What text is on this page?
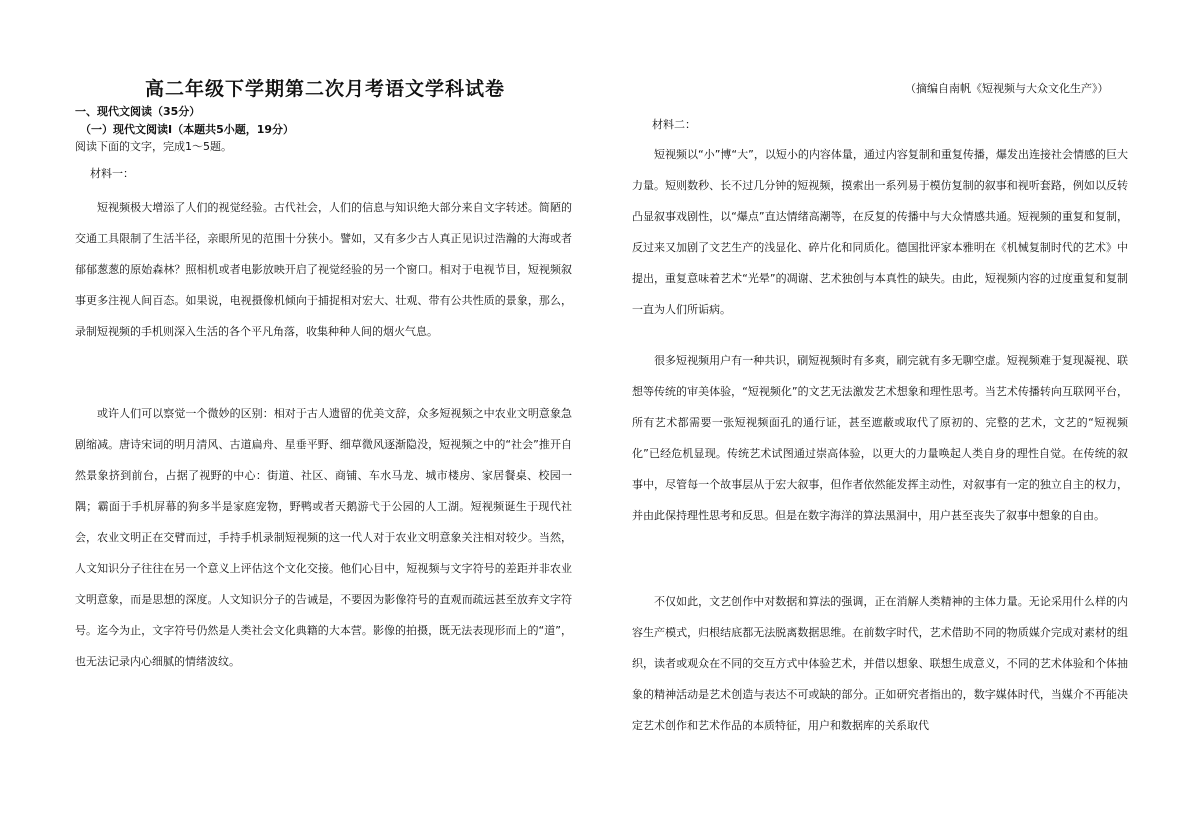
高二年级下学期第二次月考语文学科试卷	（摘编自南帆《短视频与大众文化生产》）
一、现代文阅读（35分）
（一）现代文阅读Ⅰ（本题共5小题，19分）
阅读下面的文字，完成1～5题。
材料一：

短视频极大增添了人们的视觉经验。古代社会，人们的信息与知识绝大部分来自文字转述。简陋的交通工具限制了生活半径，亲眼所见的范围十分狭小。譬如，又有多少古人真正见识过浩瀚的大海或者郁郁葱葱的原始森林？照相机或者电影放映开启了视觉经验的另一个窗口。相对于电视节目，短视频叙事更多注视人间百态。如果说，电视摄像机倾向于捕捉相对宏大、壮观、带有公共性质的景象，那么，录制短视频的手机则深入生活的各个平凡角落，收集种种人间的烟火气息。

或许人们可以察觉一个微妙的区别：相对于古人遗留的优美文辞，众多短视频之中农业文明意象急剧缩减。唐诗宋词的明月清风、古道扁舟、星垂平野、细草微风逐渐隐没，短视频之中的“社会”推开自然景象挤到前台，占据了视野的中心：街道、社区、商铺、车水马龙、城市楼房、家居餐桌、校园一隅；霸面于手机屏幕的狗多半是家庭宠物，野鸭或者天鹅游弋于公园的人工湖。短视频诞生于现代社会，农业文明正在交臂而过，手持手机录制短视频的这一代人对于农业文明意象关注相对较少。当然，人文知识分子往往在另一个意义上评估这个文化交接。他们心目中，短视频与文字符号的差距并非农业文明意象，而是思想的深度。人文知识分子的告诫是，不要因为影像符号的直观而疏远甚至放弃文字符号。迄今为止，文字符号仍然是人类社会文化典籍的大本营。影像的拍摄，既无法表现形而上的“道”，也无法记录内心细腻的情绪波纹。

材料二：

短视频以“小”博“大”，以短小的内容体量，通过内容复制和重复传播，爆发出连接社会情感的巨大力量。短则数秒、长不过几分钟的短视频，摸索出一系列易于模仿复制的叙事和视听套路，例如以反转凸显叙事戏剧性，以“爆点”直达情绪高潮等，在反复的传播中与大众情感共通。短视频的重复和复制，反过来又加剧了文艺生产的浅显化、碎片化和同质化。德国批评家本雅明在《机械复制时代的艺术》中提出，重复意味着艺术“光晕”的凋谢、艺术独创与本真性的缺失。由此，短视频内容的过度重复和复制一直为人们所诟病。

很多短视频用户有一种共识，刷短视频时有多爽，刷完就有多无聊空虚。短视频难于复现凝视、联想等传统的审美体验，“短视频化”的文艺无法激发艺术想象和理性思考。当艺术传播转向互联网平台，所有艺术都需要一张短视频面孔的通行证，甚至遮蔽或取代了原初的、完整的艺术，文艺的“短视频化”已经危机显现。传统艺术试图通过崇高体验，以更大的力量唤起人类自身的理性自觉。在传统的叙事中，尽管每一个故事层从于宏大叙事，但作者依然能发挥主动性，对叙事有一定的独立自主的权力，并由此保持理性思考和反思。但是在数字海洋的算法黑洞中，用户甚至丧失了叙事中想象的自由。

不仅如此，文艺创作中对数据和算法的强调，正在消解人类精神的主体力量。无论采用什么样的内容生产模式，归根结底都无法脱离数据思维。在前数字时代，艺术借助不同的物质媒介完成对素材的组织，读者或观众在不同的交互方式中体验艺术，并借以想象、联想生成意义，不同的艺术体验和个体抽象的精神活动是艺术创造与表达不可或缺的部分。正如研究者指出的，数字媒体时代，当媒介不再能决定艺术创作和艺术作品的本质特征，用户和数据库的关系取代
